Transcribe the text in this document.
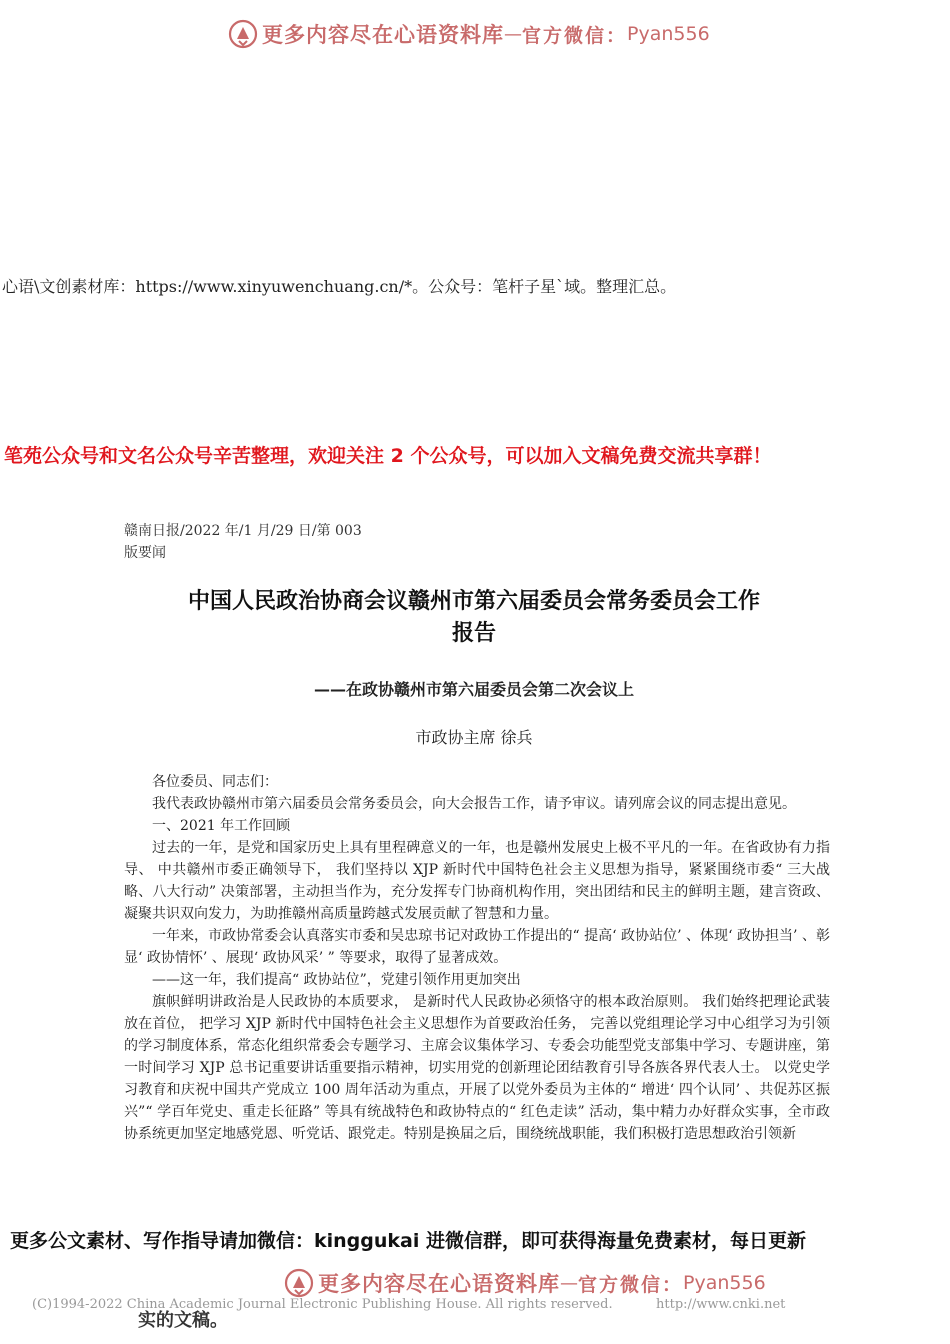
更多内容尽在心语资料库 — 官方微信： Pyan556
心语\文创素材库：https://www.xinyuwenchuang.cn/*。公众号：笔杆子星`域。整理汇总。
笔苑公众号和文名公众号辛苦整理，欢迎关注 2 个公众号，可以加入文稿免费交流共享群！
赣南日报/2022 年/1 月/29 日/第 003
版要闻
中国人民政治协商会议赣州市第六届委员会常务委员会工作
报告
——在政协赣州市第六届委员会第二次会议上
市政协主席 徐兵

各位委员、同志们：

我代表政协赣州市第六届委员会常务委员会，向大会报告工作，请予审议。请列席会议的同志提出意见。

一、2021 年工作回顾

过去的一年，是党和国家历史上具有里程碑意义的一年，也是赣州发展史上极不平凡的一年。在省政协有力指导、 中共赣州市委正确领导下， 我们坚持以 XJP 新时代中国特色社会主义思想为指导，紧紧围绕市委“ 三大战略、八大行动” 决策部署，主动担当作为，充分发挥专门协商机构作用，突出团结和民主的鲜明主题，建言资政、凝聚共识双向发力，为助推赣州高质量跨越式发展贡献了智慧和力量。

一年来，市政协常委会认真落实市委和吴忠琼书记对政协工作提出的“ 提高‘ 政协站位’ 、体现‘ 政协担当’ 、彰显‘ 政协情怀’ 、展现‘ 政协风采’ ” 等要求，取得了显著成效。

——这一年，我们提高“ 政协站位”，党建引领作用更加突出

旗帜鲜明讲政治是人民政协的本质要求， 是新时代人民政协必须恪守的根本政治原则。 我们始终把理论武装放在首位， 把学习 XJP 新时代中国特色社会主义思想作为首要政治任务， 完善以党组理论学习中心组学习为引领的学习制度体系，常态化组织常委会专题学习、主席会议集体学习、专委会功能型党支部集中学习、专题讲座，第一时间学习 XJP 总书记重要讲话重要指示精神，切实用党的创新理论团结教育引导各族各界代表人士。 以党史学习教育和庆祝中国共产党成立 100 周年活动为重点，开展了以党外委员为主体的“ 增进‘ 四个认同’ 、共促苏区振兴”“ 学百年党史、重走长征路” 等具有统战特色和政协特点的“ 红色走读” 活动，集中精力办好群众实事，全市政协系统更加坚定地感党恩、听党话、跟党走。特别是换届之后，围绕统战职能，我们积极打造思想政治引领新

实的文稿。
更多公文素材、写作指导请加微信：kinggukai 进微信群，即可获得海量免费素材，每日更新
更多内容尽在心语资料库 — 官方微信： Pyan556
(C)1994-2022 China Academic Journal Electronic Publishing House. All rights reserved.	http://www.cnki.net
